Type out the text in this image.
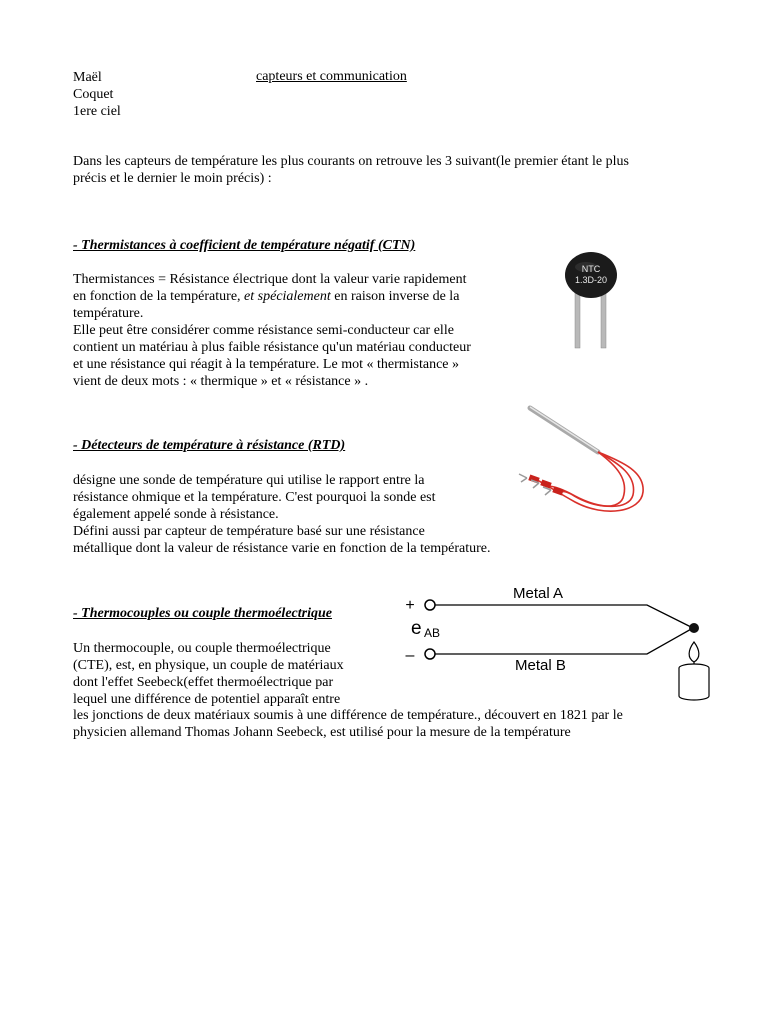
Maël
Coquet
1ere ciel
capteurs et communication
Dans les capteurs de température les plus courants on retrouve les 3 suivant(le premier étant le plus
précis et le dernier le moin précis) :
- Thermistances à coefficient de température négatif (CTN)
Thermistances = Résistance électrique dont la valeur varie rapidement
en fonction de la température, et spécialement en raison inverse de la
température.
Elle peut être considérer comme résistance semi-conducteur car elle
contient un matériau à plus faible résistance qu'un matériau conducteur
et une résistance qui réagit à la température. Le mot « thermistance »
vient de deux mots : « thermique » et « résistance » .
NTC
1.3D-20
- Détecteurs de température à résistance (RTD)
désigne une sonde de température qui utilise le rapport entre la
résistance ohmique et la température. C'est pourquoi la sonde est
également appelé sonde à résistance.
Défini aussi par capteur de température basé sur une résistance
métallique dont la valeur de résistance varie en fonction de la température.
- Thermocouples ou couple thermoélectrique
Un thermocouple, ou couple thermoélectrique
(CTE), est, en physique, un couple de matériaux
dont l'effet Seebeck(effet thermoélectrique par
lequel une différence de potentiel apparaît entre
les jonctions de deux matériaux soumis à une différence de température., découvert en 1821 par le
physicien allemand Thomas Johann Seebeck, est utilisé pour la mesure de la température
+
–
Metal A
Metal B
e AB
